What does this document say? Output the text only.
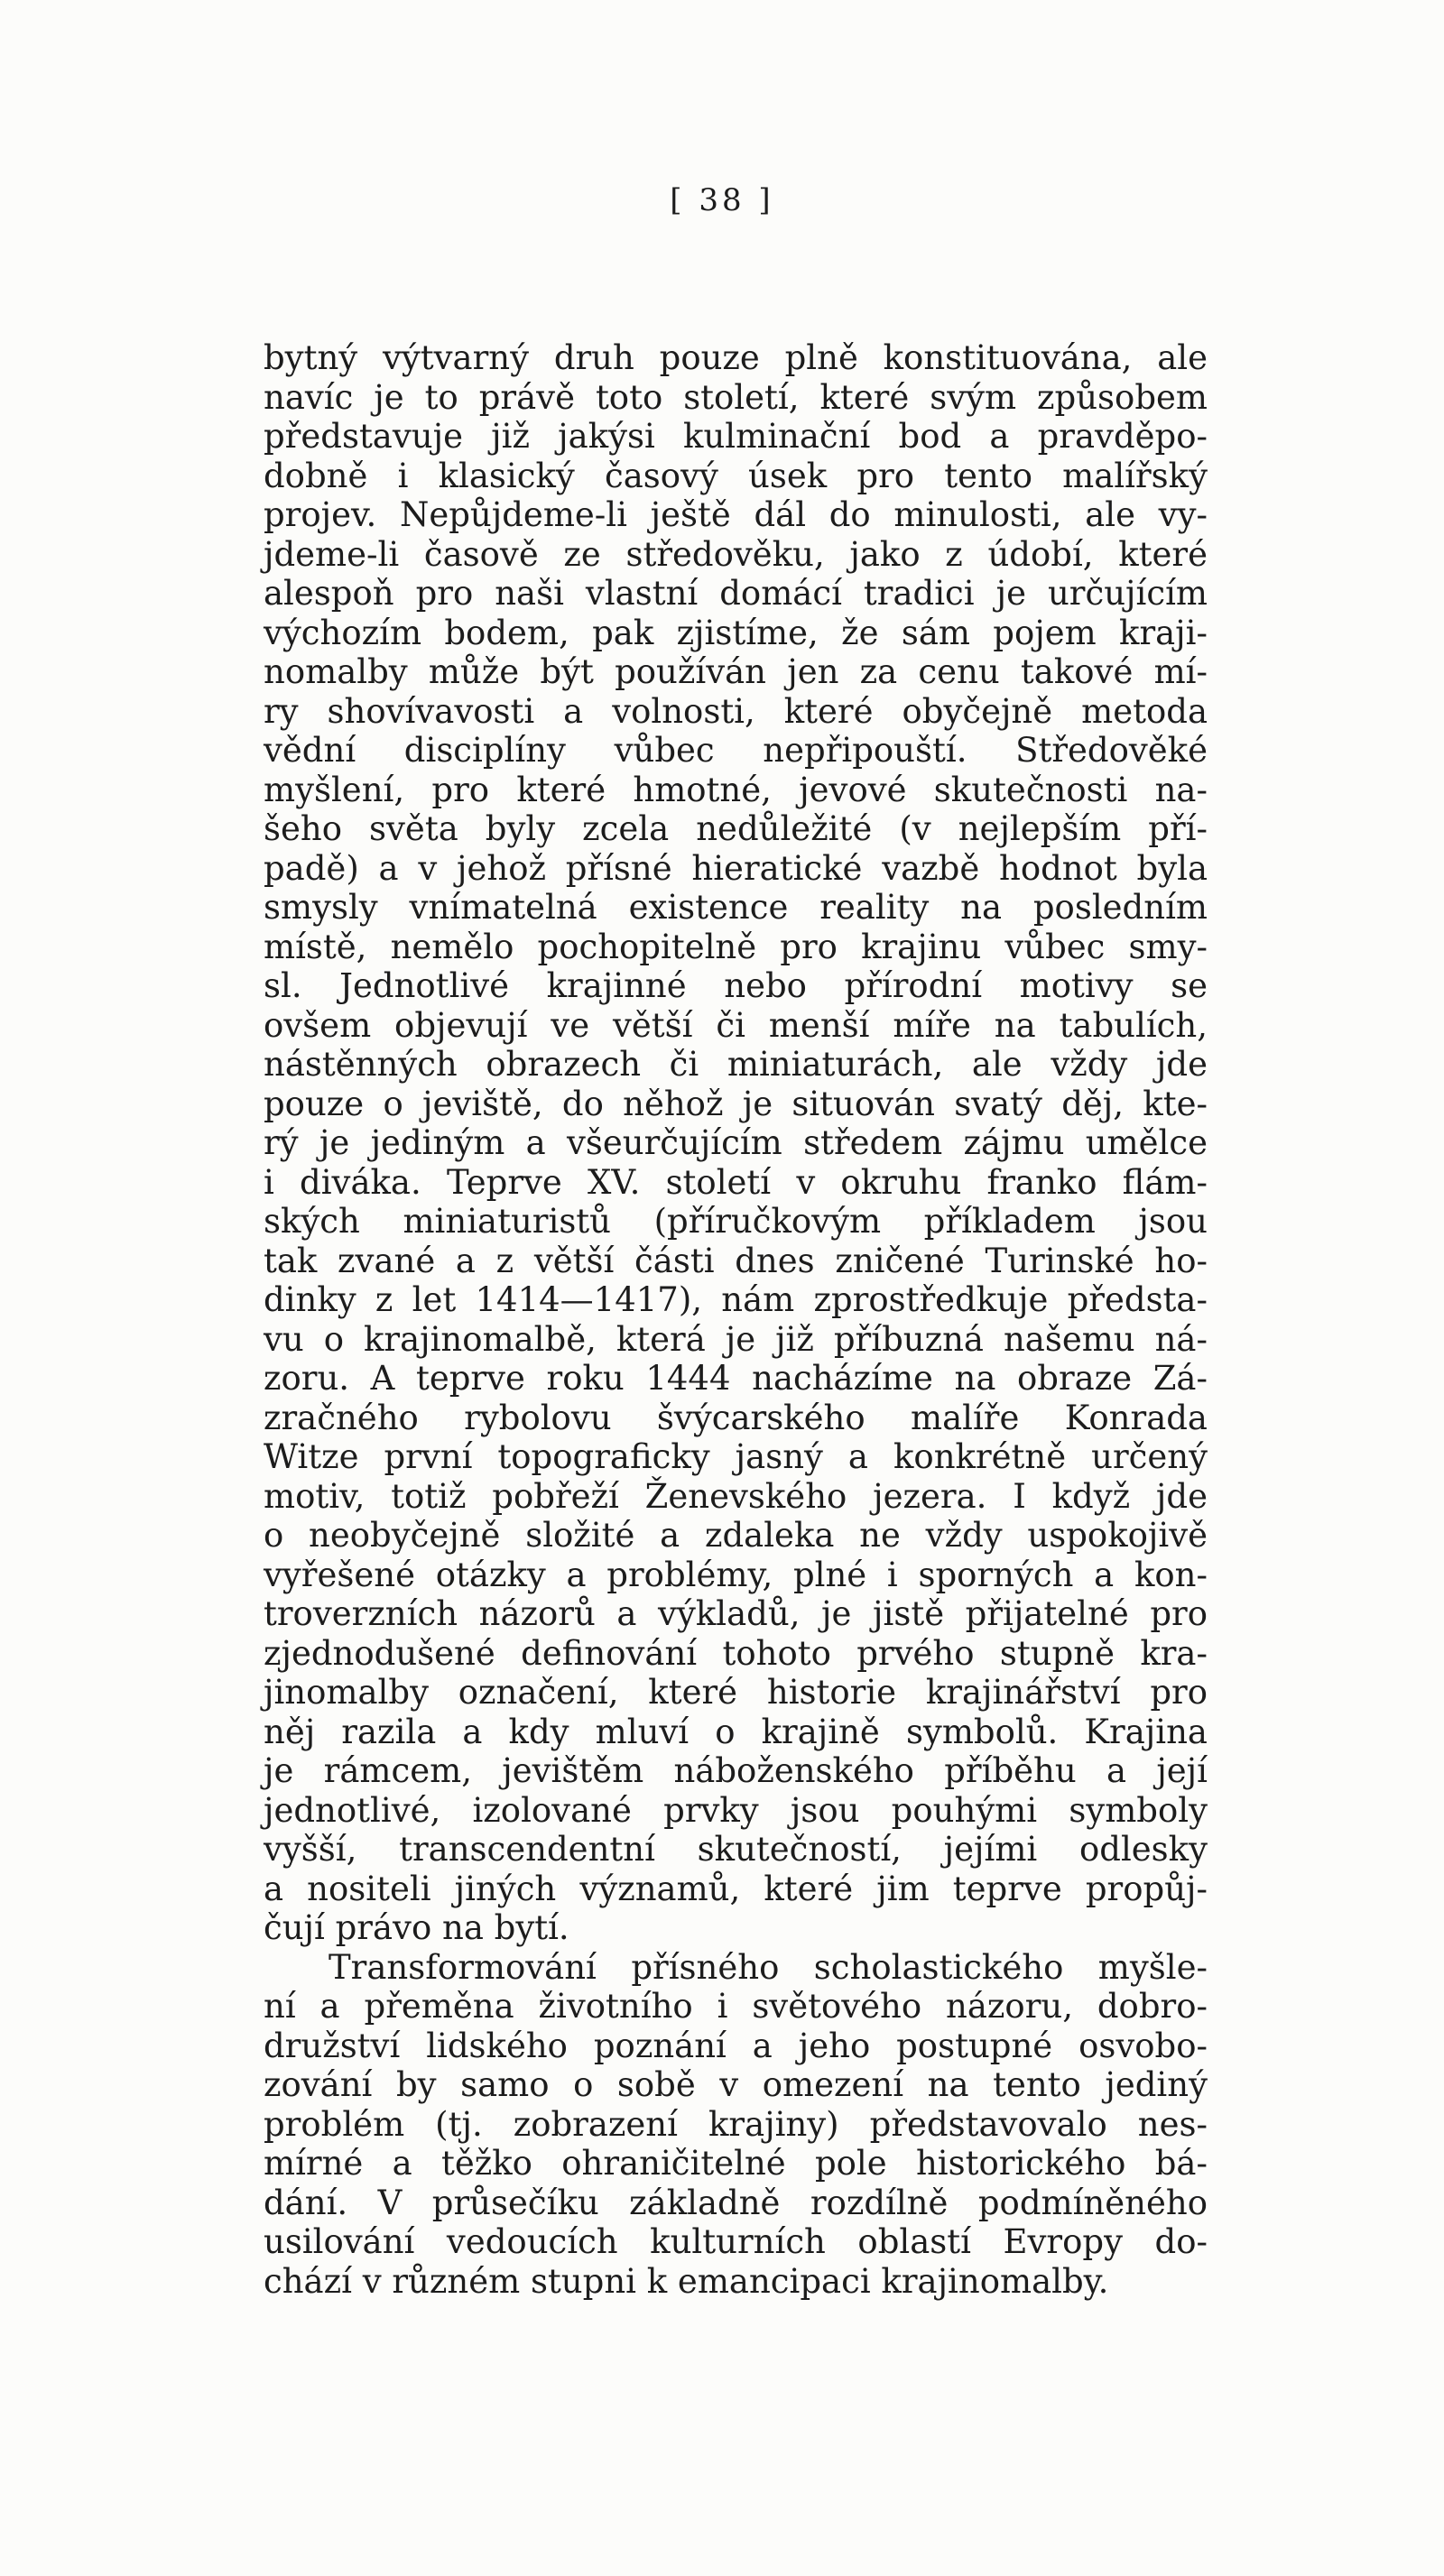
[ 38 ]
bytný výtvarný druh pouze plně konstituována, ale
navíc je to právě toto století, které svým způsobem
představuje již jakýsi kulminační bod a pravděpo-
dobně i klasický časový úsek pro tento malířský
projev. Nepůjdeme-li ještě dál do minulosti, ale vy-
jdeme-li časově ze středověku, jako z údobí, které
alespoň pro naši vlastní domácí tradici je určujícím
výchozím bodem, pak zjistíme, že sám pojem kraji-
nomalby může být používán jen za cenu takové mí-
ry shovívavosti a volnosti, které obyčejně metoda
vědní disciplíny vůbec nepřipouští. Středověké
myšlení, pro které hmotné, jevové skutečnosti na-
šeho světa byly zcela nedůležité (v nejlepším pří-
padě) a v jehož přísné hieratické vazbě hodnot byla
smysly vnímatelná existence reality na posledním
místě, nemělo pochopitelně pro krajinu vůbec smy-
sl. Jednotlivé krajinné nebo přírodní motivy se
ovšem objevují ve větší či menší míře na tabulích,
nástěnných obrazech či miniaturách, ale vždy jde
pouze o jeviště, do něhož je situován svatý děj, kte-
rý je jediným a všeurčujícím středem zájmu umělce
i diváka. Teprve XV. století v okruhu franko flám-
ských miniaturistů (příručkovým příkladem jsou
tak zvané a z větší části dnes zničené Turinské ho-
dinky z let 1414—1417), nám zprostředkuje předsta-
vu o krajinomalbě, která je již příbuzná našemu ná-
zoru. A teprve roku 1444 nacházíme na obraze Zá-
zračného rybolovu švýcarského malíře Konrada
Witze první topograficky jasný a konkrétně určený
motiv, totiž pobřeží Ženevského jezera. I když jde
o neobyčejně složité a zdaleka ne vždy uspokojivě
vyřešené otázky a problémy, plné i sporných a kon-
troverzních názorů a výkladů, je jistě přijatelné pro
zjednodušené definování tohoto prvého stupně kra-
jinomalby označení, které historie krajinářství pro
něj razila a kdy mluví o krajině symbolů. Krajina
je rámcem, jevištěm náboženského příběhu a její
jednotlivé, izolované prvky jsou pouhými symboly
vyšší, transcendentní skutečností, jejími odlesky
a nositeli jiných významů, které jim teprve propůj-
čují právo na bytí.
Transformování přísného scholastického myšle-
ní a přeměna životního i světového názoru, dobro-
družství lidského poznání a jeho postupné osvobo-
zování by samo o sobě v omezení na tento jediný
problém (tj. zobrazení krajiny) představovalo nes-
mírné a těžko ohraničitelné pole historického bá-
dání. V průsečíku základně rozdílně podmíněného
usilování vedoucích kulturních oblastí Evropy do-
chází v různém stupni k emancipaci krajinomalby.
